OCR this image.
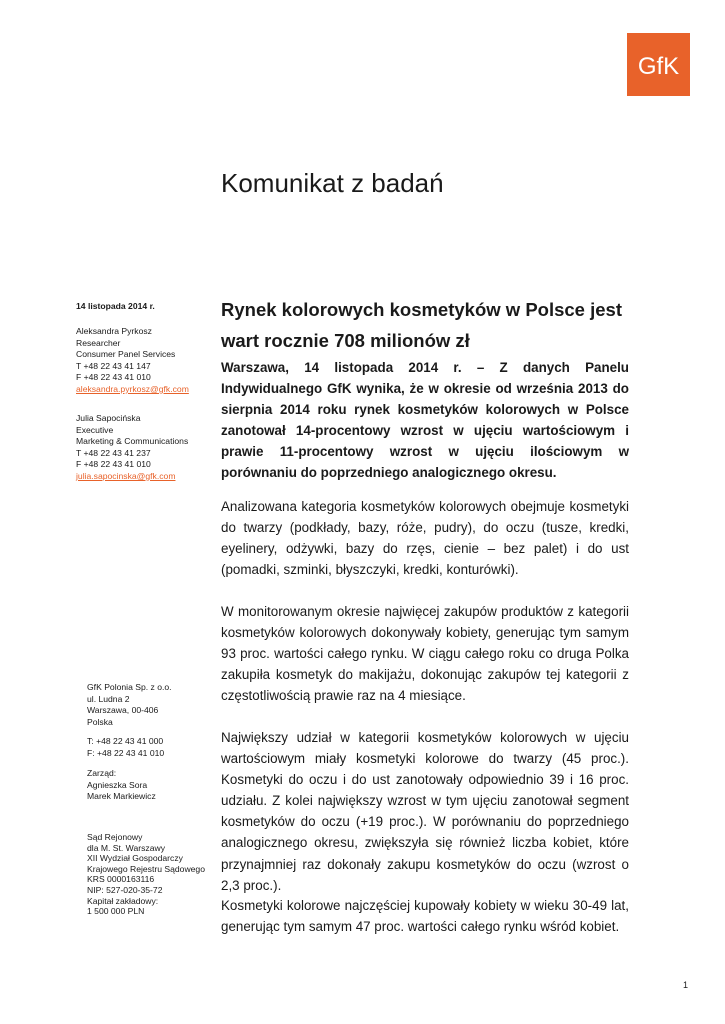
GfK
Komunikat z badań
14 listopada 2014 r.
Aleksandra Pyrkosz
Researcher
Consumer Panel Services
T +48 22 43 41 147
F +48 22 43 41 010
aleksandra.pyrkosz@gfk.com
Julia Sapocińska
Executive
Marketing & Communications
T +48 22 43 41 237
F +48 22 43 41 010
julia.sapocinska@gfk.com
GfK Polonia Sp. z o.o.
ul. Ludna 2
Warszawa, 00-406
Polska
T: +48 22 43 41 000
F: +48 22 43 41 010
Zarząd:
Agnieszka Sora
Marek Markiewicz
Sąd Rejonowy
dla M. St. Warszawy
XII Wydział Gospodarczy
Krajowego Rejestru Sądowego
KRS 0000163116
NIP: 527-020-35-72
Kapitał zakładowy:
1 500 000 PLN
Rynek kolorowych kosmetyków w Polsce jest wart rocznie 708 milionów zł

Warszawa, 14 listopada 2014 r. – Z danych Panelu Indywidualnego GfK wynika, że w okresie od września 2013 do sierpnia 2014 roku rynek kosmetyków kolorowych w Polsce zanotował 14-procentowy wzrost w ujęciu wartościowym i prawie 11-procentowy wzrost w ujęciu ilościowym w porównaniu do poprzedniego analogicznego okresu.

Analizowana kategoria kosmetyków kolorowych obejmuje kosmetyki do twarzy (podkłady, bazy, róże, pudry), do oczu (tusze, kredki, eyelinery, odżywki, bazy do rzęs, cienie – bez palet) i do ust (pomadki, szminki, błyszczyki, kredki, konturówki).

W monitorowanym okresie najwięcej zakupów produktów z kategorii kosmetyków kolorowych dokonywały kobiety, generując tym samym 93 proc. wartości całego rynku. W ciągu całego roku co druga Polka zakupiła kosmetyk do makijażu, dokonując zakupów tej kategorii z częstotliwością prawie raz na 4 miesiące.

Największy udział w kategorii kosmetyków kolorowych w ujęciu wartościowym miały kosmetyki kolorowe do twarzy (45 proc.). Kosmetyki do oczu i do ust zanotowały odpowiednio 39 i 16 proc. udziału. Z kolei największy wzrost w tym ujęciu zanotował segment kosmetyków do oczu (+19 proc.). W porównaniu do poprzedniego analogicznego okresu, zwiększyła się również liczba kobiet, które przynajmniej raz dokonały zakupu kosmetyków do oczu (wzrost o 2,3 proc.).

Kosmetyki kolorowe najczęściej kupowały kobiety w wieku 30-49 lat, generując tym samym 47 proc. wartości całego rynku wśród kobiet.

1
